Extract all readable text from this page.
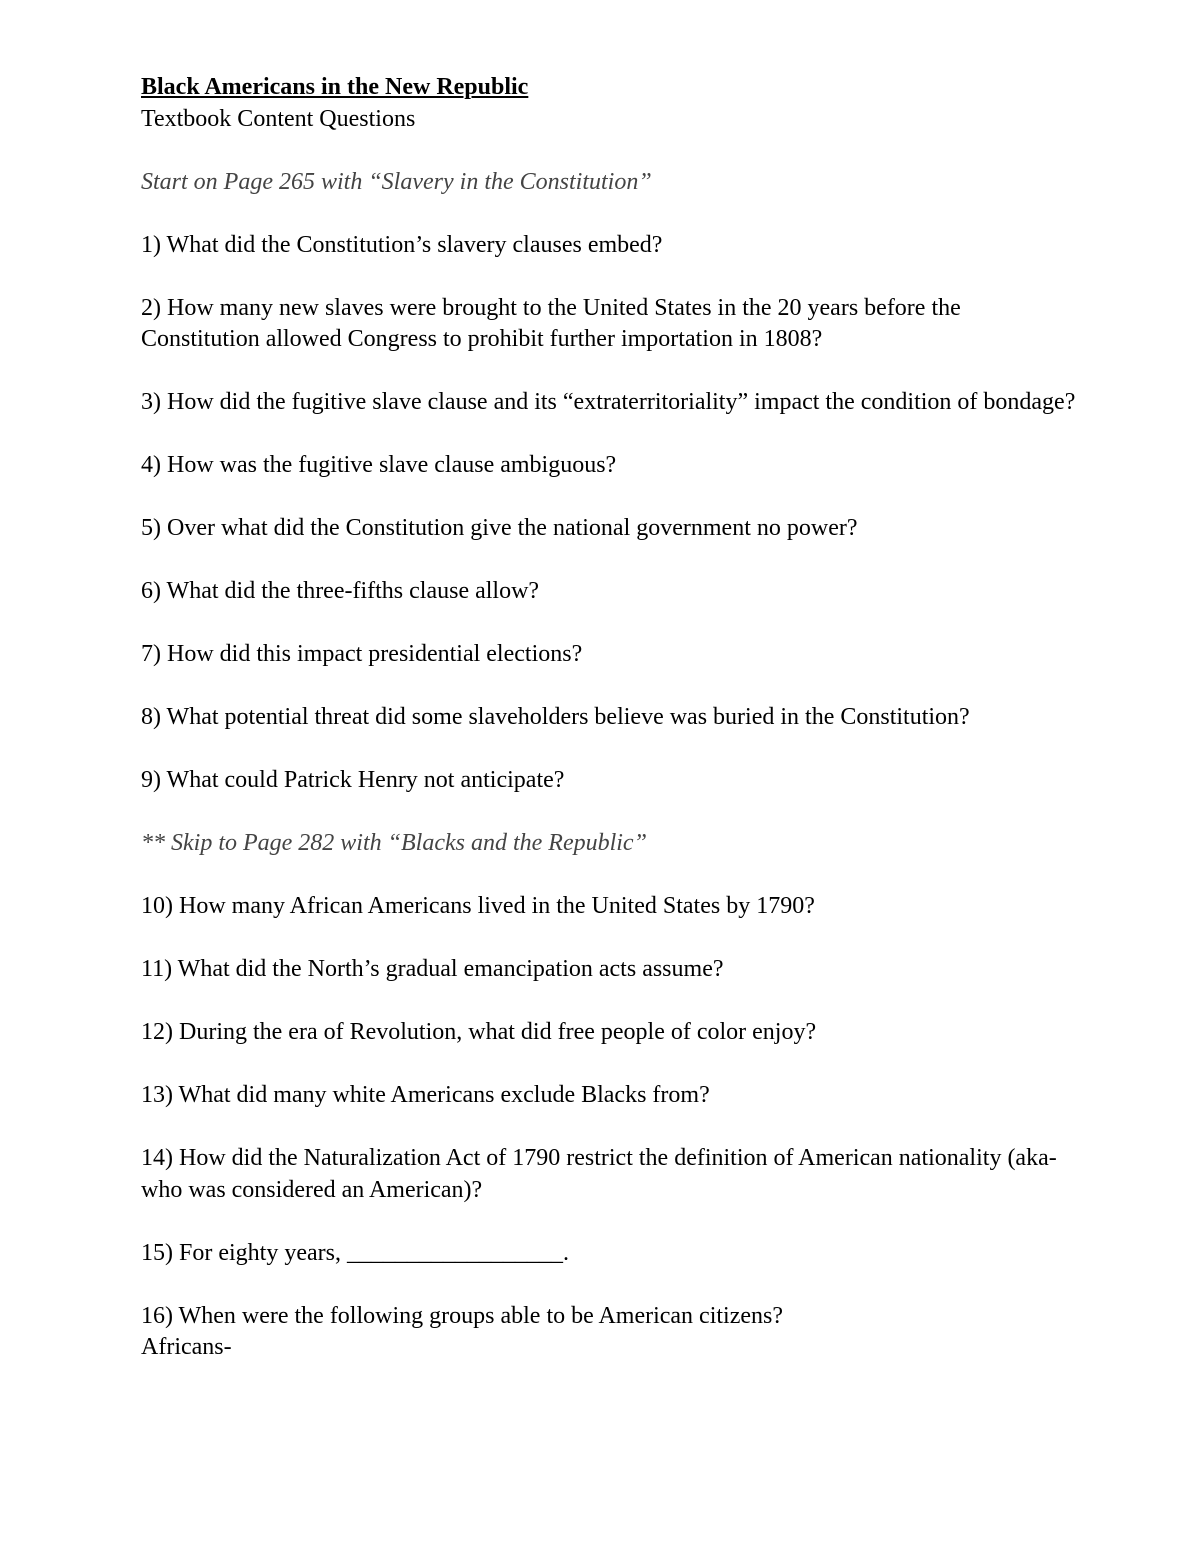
Black Americans in the New Republic
Textbook Content Questions
Start on Page 265 with “Slavery in the Constitution”
1) What did the Constitution’s slavery clauses embed?
2) How many new slaves were brought to the United States in the 20 years before the Constitution allowed Congress to prohibit further importation in 1808?
3) How did the fugitive slave clause and its “extraterritoriality” impact the condition of bondage?
4) How was the fugitive slave clause ambiguous?
5) Over what did the Constitution give the national government no power?
6) What did the three-fifths clause allow?
7) How did this impact presidential elections?
8) What potential threat did some slaveholders believe was buried in the Constitution?
9) What could Patrick Henry not anticipate?
** Skip to Page 282 with “Blacks and the Republic”
10) How many African Americans lived in the United States by 1790?
11) What did the North’s gradual emancipation acts assume?
12) During the era of Revolution, what did free people of color enjoy?
13) What did many white Americans exclude Blacks from?
14) How did the Naturalization Act of 1790 restrict the definition of American nationality (aka- who was considered an American)?
15) For eighty years, __________________.
16) When were the following groups able to be American citizens?
Africans-
